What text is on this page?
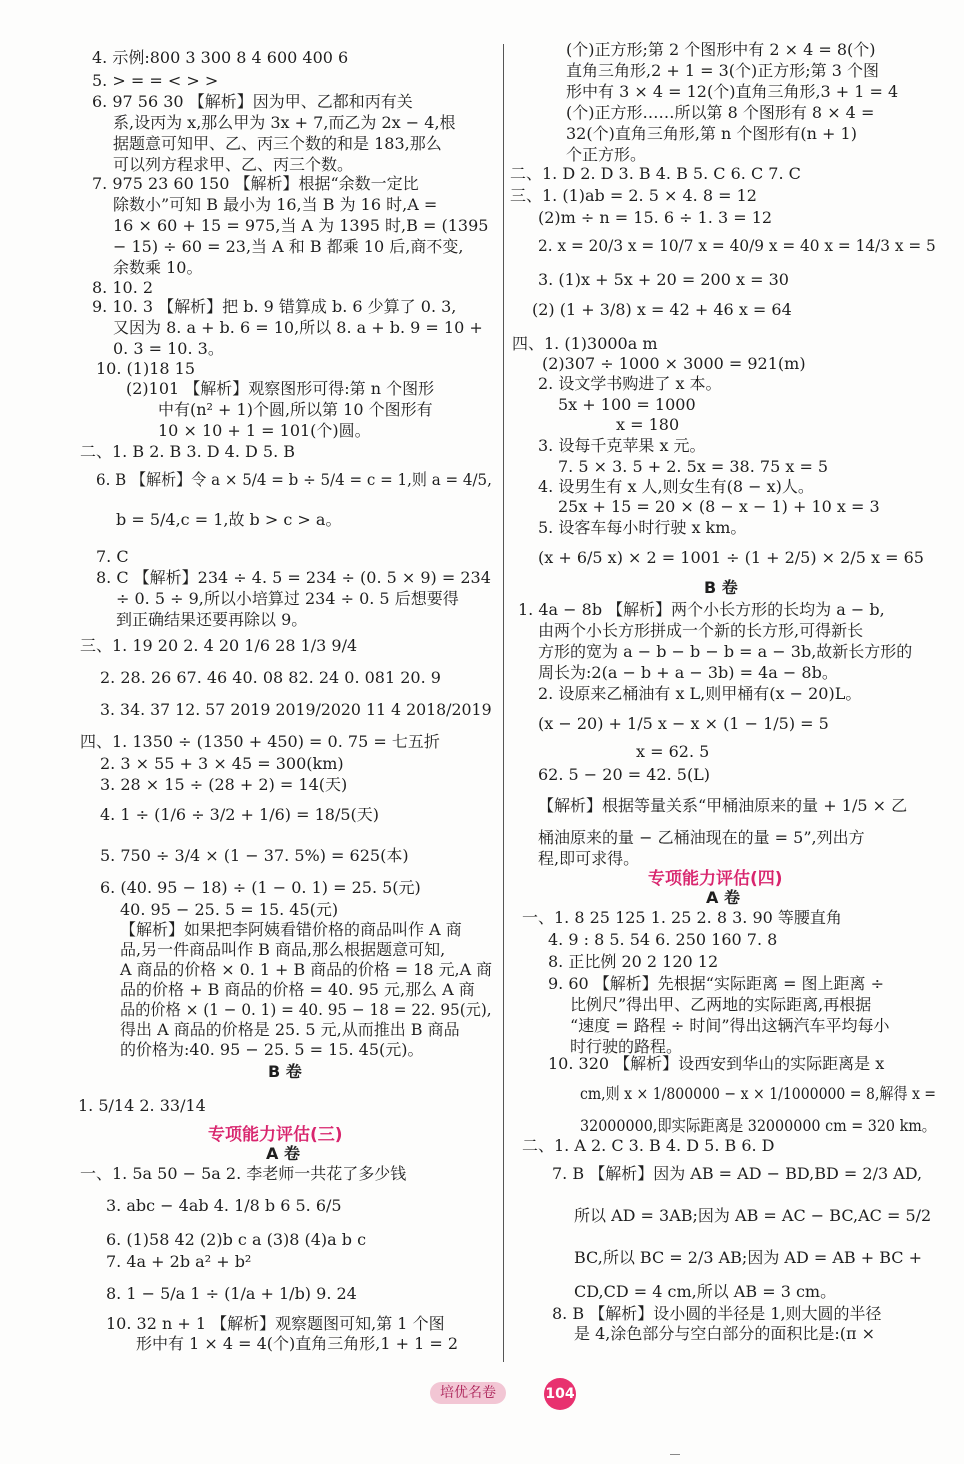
4. 示例:800 3 300 8 4 600 400 6
5. > = = < > >
6. 97 56 30 【解析】因为甲、乙都和丙有关
系,设丙为 x,那么甲为 3x + 7,而乙为 2x − 4,根
据题意可知甲、乙、丙三个数的和是 183,那么
可以列方程求甲、乙、丙三个数。
7. 975 23 60 150 【解析】根据“余数一定比
除数小”可知 B 最小为 16,当 B 为 16 时,A =
16 × 60 + 15 = 975,当 A 为 1395 时,B = (1395
− 15) ÷ 60 = 23,当 A 和 B 都乘 10 后,商不变,
余数乘 10。
8. 10. 2
9. 10. 3 【解析】把 b. 9 错算成 b. 6 少算了 0. 3,
又因为 8. a + b. 6 = 10,所以 8. a + b. 9 = 10 +
0. 3 = 10. 3。
10. (1)18 15
(2)101 【解析】观察图形可得:第 n 个图形
中有(n² + 1)个圆,所以第 10 个图形有
10 × 10 + 1 = 101(个)圆。
二、1. B 2. B 3. D 4. D 5. B
6. B 【解析】令 a × 5/4 = b ÷ 5/4 = c = 1,则 a = 4/5,
b = 5/4,c = 1,故 b > c > a。
7. C
8. C 【解析】234 ÷ 4. 5 = 234 ÷ (0. 5 × 9) = 234
÷ 0. 5 ÷ 9,所以小培算过 234 ÷ 0. 5 后想要得
到正确结果还要再除以 9。
三、1. 19 20 2. 4 20 1/6 28 1/3 9/4
2. 28. 26 67. 46 40. 08 82. 24 0. 081 20. 9
3. 34. 37 12. 57 2019 2019/2020 11 4 2018/2019
四、1. 1350 ÷ (1350 + 450) = 0. 75 = 七五折
2. 3 × 55 + 3 × 45 = 300(km)
3. 28 × 15 ÷ (28 + 2) = 14(天)
4. 1 ÷ (1/6 ÷ 3/2 + 1/6) = 18/5(天)
5. 750 ÷ 3/4 × (1 − 37. 5%) = 625(本)
6. (40. 95 − 18) ÷ (1 − 0. 1) = 25. 5(元)
40. 95 − 25. 5 = 15. 45(元)
【解析】如果把李阿姨看错价格的商品叫作 A 商
品,另一件商品叫作 B 商品,那么根据题意可知,
A 商品的价格 × 0. 1 + B 商品的价格 = 18 元,A 商
品的价格 + B 商品的价格 = 40. 95 元,那么 A 商
品的价格 × (1 − 0. 1) = 40. 95 − 18 = 22. 95(元),
得出 A 商品的价格是 25. 5 元,从而推出 B 商品
的价格为:40. 95 − 25. 5 = 15. 45(元)。
B 卷
1. 5/14 2. 33/14
专项能力评估(三)
A 卷
一、1. 5a 50 − 5a 2. 李老师一共花了多少钱
3. abc − 4ab 4. 1/8 b 6 5. 6/5
6. (1)58 42 (2)b c a (3)8 (4)a b c
7. 4a + 2b a² + b²
8. 1 − 5/a 1 ÷ (1/a + 1/b) 9. 24
10. 32 n + 1 【解析】观察题图可知,第 1 个图
形中有 1 × 4 = 4(个)直角三角形,1 + 1 = 2
(个)正方形;第 2 个图形中有 2 × 4 = 8(个)
直角三角形,2 + 1 = 3(个)正方形;第 3 个图
形中有 3 × 4 = 12(个)直角三角形,3 + 1 = 4
(个)正方形……所以第 8 个图形有 8 × 4 =
32(个)直角三角形,第 n 个图形有(n + 1)
个正方形。
二、1. D 2. D 3. B 4. B 5. C 6. C 7. C
三、1. (1)ab = 2. 5 × 4. 8 = 12
(2)m ÷ n = 15. 6 ÷ 1. 3 = 12
2. x = 20/3 x = 10/7 x = 40/9 x = 40 x = 14/3 x = 5
3. (1)x + 5x + 20 = 200 x = 30
(2) (1 + 3/8) x = 42 + 46 x = 64
四、1. (1)3000a m
(2)307 ÷ 1000 × 3000 = 921(m)
2. 设文学书购进了 x 本。
5x + 100 = 1000
x = 180
3. 设每千克苹果 x 元。
7. 5 × 3. 5 + 2. 5x = 38. 75 x = 5
4. 设男生有 x 人,则女生有(8 − x)人。
25x + 15 = 20 × (8 − x − 1) + 10 x = 3
5. 设客车每小时行驶 x km。
(x + 6/5 x) × 2 = 1001 ÷ (1 + 2/5) × 2/5 x = 65
B 卷
1. 4a − 8b 【解析】两个小长方形的长均为 a − b,
由两个小长方形拼成一个新的长方形,可得新长
方形的宽为 a − b − b − b = a − 3b,故新长方形的
周长为:2(a − b + a − 3b) = 4a − 8b。
2. 设原来乙桶油有 x L,则甲桶有(x − 20)L。
(x − 20) + 1/5 x − x × (1 − 1/5) = 5
x = 62. 5
62. 5 − 20 = 42. 5(L)
【解析】根据等量关系“甲桶油原来的量 + 1/5 × 乙
桶油原来的量 − 乙桶油现在的量 = 5”,列出方
程,即可求得。
专项能力评估(四)
A 卷
一、1. 8 25 125 1. 25 2. 8 3. 90 等腰直角
4. 9 : 8 5. 54 6. 250 160 7. 8
8. 正比例 20 2 120 12
9. 60 【解析】先根据“实际距离 = 图上距离 ÷
比例尺”得出甲、乙两地的实际距离,再根据
“速度 = 路程 ÷ 时间”得出这辆汽车平均每小
时行驶的路程。
10. 320 【解析】设西安到华山的实际距离是 x
cm,则 x × 1/800000 − x × 1/1000000 = 8,解得 x =
32000000,即实际距离是 32000000 cm = 320 km。
二、1. A 2. C 3. B 4. D 5. B 6. D
7. B 【解析】因为 AB = AD − BD,BD = 2/3 AD,
所以 AD = 3AB;因为 AB = AC − BC,AC = 5/2
BC,所以 BC = 2/3 AB;因为 AD = AB + BC +
CD,CD = 4 cm,所以 AB = 3 cm。
8. B 【解析】设小圆的半径是 1,则大圆的半径
是 4,涂色部分与空白部分的面积比是:(π ×
培优名卷	104
